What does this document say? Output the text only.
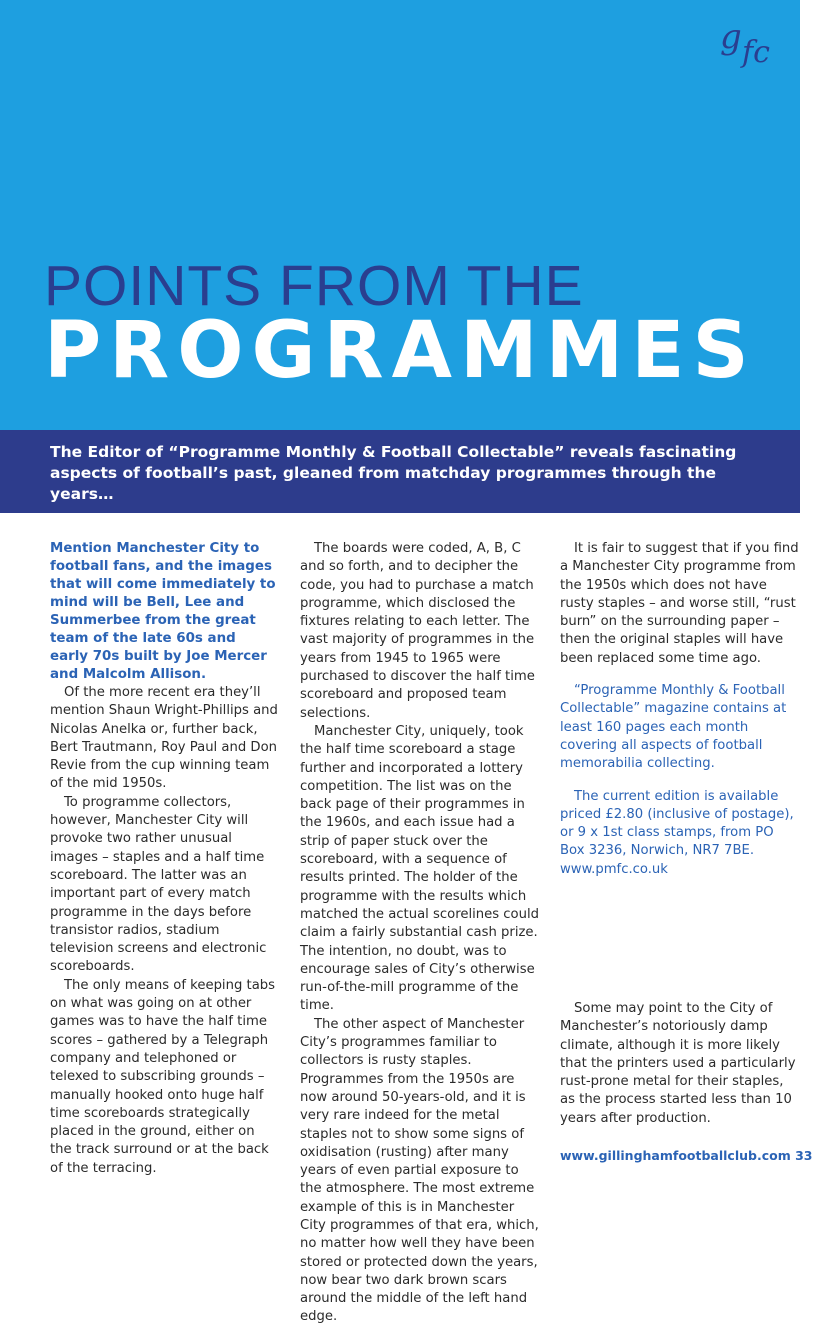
g fc
POINTS FROM THE
PROGRAMMES
The Editor of “Programme Monthly & Football Collectable” reveals fascinating aspects of football’s past, gleaned from matchday programmes through the years…

Mention Manchester City to football fans, and the images that will come immediately to mind will be Bell, Lee and Summerbee from the great team of the late 60s and early 70s built by Joe Mercer and Malcolm Allison.

Of the more recent era they’ll mention Shaun Wright-Phillips and Nicolas Anelka or, further back, Bert Trautmann, Roy Paul and Don Revie from the cup winning team of the mid 1950s.

To programme collectors, however, Manchester City will provoke two rather unusual images – staples and a half time scoreboard. The latter was an important part of every match programme in the days before transistor radios, stadium television screens and electronic scoreboards.

The only means of keeping tabs on what was going on at other games was to have the half time scores – gathered by a Telegraph company and telephoned or telexed to subscribing grounds – manually hooked onto huge half time scoreboards strategically placed in the ground, either on the track surround or at the back of the terracing.

The boards were coded, A, B, C and so forth, and to decipher the code, you had to purchase a match programme, which disclosed the fixtures relating to each letter. The vast majority of programmes in the years from 1945 to 1965 were purchased to discover the half time scoreboard and proposed team selections.

Manchester City, uniquely, took the half time scoreboard a stage further and incorporated a lottery competition. The list was on the back page of their programmes in the 1960s, and each issue had a strip of paper stuck over the scoreboard, with a sequence of results printed. The holder of the programme with the results which matched the actual scorelines could claim a fairly substantial cash prize. The intention, no doubt, was to encourage sales of City’s otherwise run-of-the-mill programme of the time.

The other aspect of Manchester City’s programmes familiar to collectors is rusty staples. Programmes from the 1950s are now around 50-years-old, and it is very rare indeed for the metal staples not to show some signs of oxidisation (rusting) after many years of even partial exposure to the atmosphere. The most extreme example of this is in Manchester City programmes of that era, which, no matter how well they have been stored or protected down the years, now bear two dark brown scars around the middle of the left hand edge.

Some may point to the City of Manchester’s notoriously damp climate, although it is more likely that the printers used a particularly rust-prone metal for their staples, as the process started less than 10 years after production.

It is fair to suggest that if you find a Manchester City programme from the 1950s which does not have rusty staples – and worse still, “rust burn” on the surrounding paper – then the original staples will have been replaced some time ago.

“Programme Monthly & Football Collectable” magazine contains at least 160 pages each month covering all aspects of football memorabilia collecting.

The current edition is available priced £2.80 (inclusive of postage), or 9 x 1st class stamps, from PO Box 3236, Norwich, NR7 7BE. www.pmfc.co.uk

www.gillinghamfootballclub.com 33
